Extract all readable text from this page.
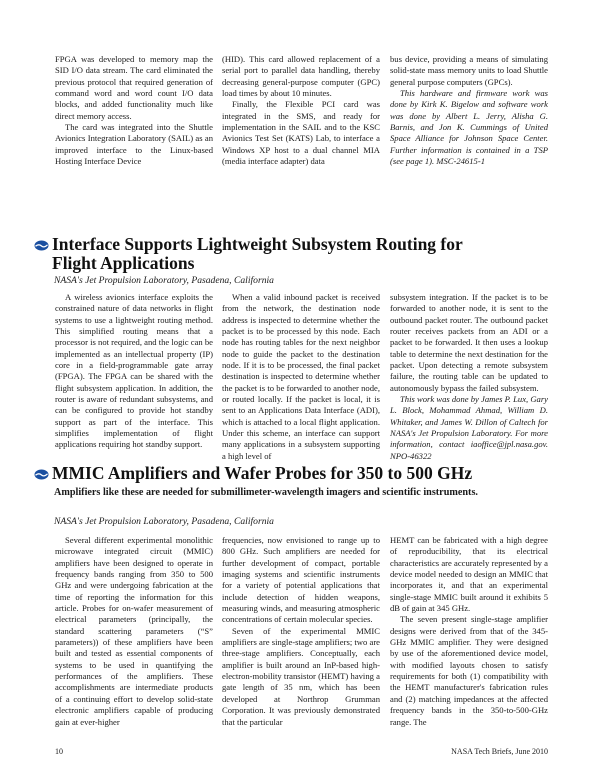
FPGA was developed to memory map the SID I/O data stream. The card eliminated the previous protocol that required generation of command word and word count I/O data blocks, and added functionality much like direct memory access.

The card was integrated into the Shuttle Avionics Integration Laboratory (SAIL) as an improved interface to the Linux-based Hosting Interface Device

(HID). This card allowed replacement of a serial port to parallel data handling, thereby decreasing general-purpose computer (GPC) load times by about 10 minutes.

Finally, the Flexible PCI card was integrated in the SMS, and ready for implementation in the SAIL and to the KSC Avionics Test Set (KATS) Lab, to interface a Windows XP host to a dual channel MIA (media interface adapter) data

bus device, providing a means of simulating solid-state mass memory units to load Shuttle general purpose computers (GPCs).

This hardware and firmware work was done by Kirk K. Bigelow and software work was done by Albert L. Jerry, Alisha G. Barnis, and Jon K. Cummings of United Space Alliance for Johnson Space Center. Further information is contained in a TSP (see page 1). MSC-24615-1

Interface Supports Lightweight Subsystem Routing for
Flight Applications
NASA's Jet Propulsion Laboratory, Pasadena, California

A wireless avionics interface exploits the constrained nature of data networks in flight systems to use a lightweight routing method. This simplified routing means that a processor is not required, and the logic can be implemented as an intellectual property (IP) core in a field-programmable gate array (FPGA). The FPGA can be shared with the flight subsystem application. In addition, the router is aware of redundant subsystems, and can be configured to provide hot standby support as part of the interface. This simplifies implementation of flight applications requiring hot standby support.

When a valid inbound packet is received from the network, the destination node address is inspected to determine whether the packet is to be processed by this node. Each node has routing tables for the next neighbor node to guide the packet to the destination node. If it is to be processed, the final packet destination is inspected to determine whether the packet is to be forwarded to another node, or routed locally. If the packet is local, it is sent to an Applications Data Interface (ADI), which is attached to a local flight application. Under this scheme, an interface can support many applications in a subsystem supporting a high level of

subsystem integration. If the packet is to be forwarded to another node, it is sent to the outbound packet router. The outbound packet router receives packets from an ADI or a packet to be forwarded. It then uses a lookup table to determine the next destination for the packet. Upon detecting a remote subsystem failure, the routing table can be updated to autonomously bypass the failed subsystem.

This work was done by James P. Lux, Gary L. Block, Mohammad Ahmad, William D. Whitaker, and James W. Dillon of Caltech for NASA's Jet Propulsion Laboratory. For more information, contact iaoffice@jpl.nasa.gov. NPO-46322

MMIC Amplifiers and Wafer Probes for 350 to 500 GHz

Amplifiers like these are needed for submillimeter-wavelength imagers and scientific instruments.

NASA's Jet Propulsion Laboratory, Pasadena, California

Several different experimental monolithic microwave integrated circuit (MMIC) amplifiers have been designed to operate in frequency bands ranging from 350 to 500 GHz and were undergoing fabrication at the time of reporting the information for this article. Probes for on-wafer measurement of electrical parameters (principally, the standard scattering parameters (“S” parameters)) of these amplifiers have been built and tested as essential components of systems to be used in quantifying the performances of the amplifiers. These accomplishments are intermediate products of a continuing effort to develop solid-state electronic amplifiers capable of producing gain at ever-higher

frequencies, now envisioned to range up to 800 GHz. Such amplifiers are needed for further development of compact, portable imaging systems and scientific instruments for a variety of potential applications that include detection of hidden weapons, measuring winds, and measuring atmospheric concentrations of certain molecular species.

Seven of the experimental MMIC amplifiers are single-stage amplifiers; two are three-stage amplifiers. Conceptually, each amplifier is built around an InP-based high-electron-mobility transistor (HEMT) having a gate length of 35 nm, which has been developed at Northrop Grumman Corporation. It was previously demonstrated that the particular

HEMT can be fabricated with a high degree of reproducibility, that its electrical characteristics are accurately represented by a device model needed to design an MMIC that incorporates it, and that an experimental single-stage MMIC built around it exhibits 5 dB of gain at 345 GHz.

The seven present single-stage amplifier designs were derived from that of the 345-GHz MMIC amplifier. They were designed by use of the aforementioned device model, with modified layouts chosen to satisfy requirements for both (1) compatibility with the HEMT manufacturer's fabrication rules and (2) matching impedances at the affected frequency bands in the 350-to-500-GHz range. The

10	NASA Tech Briefs, June 2010
